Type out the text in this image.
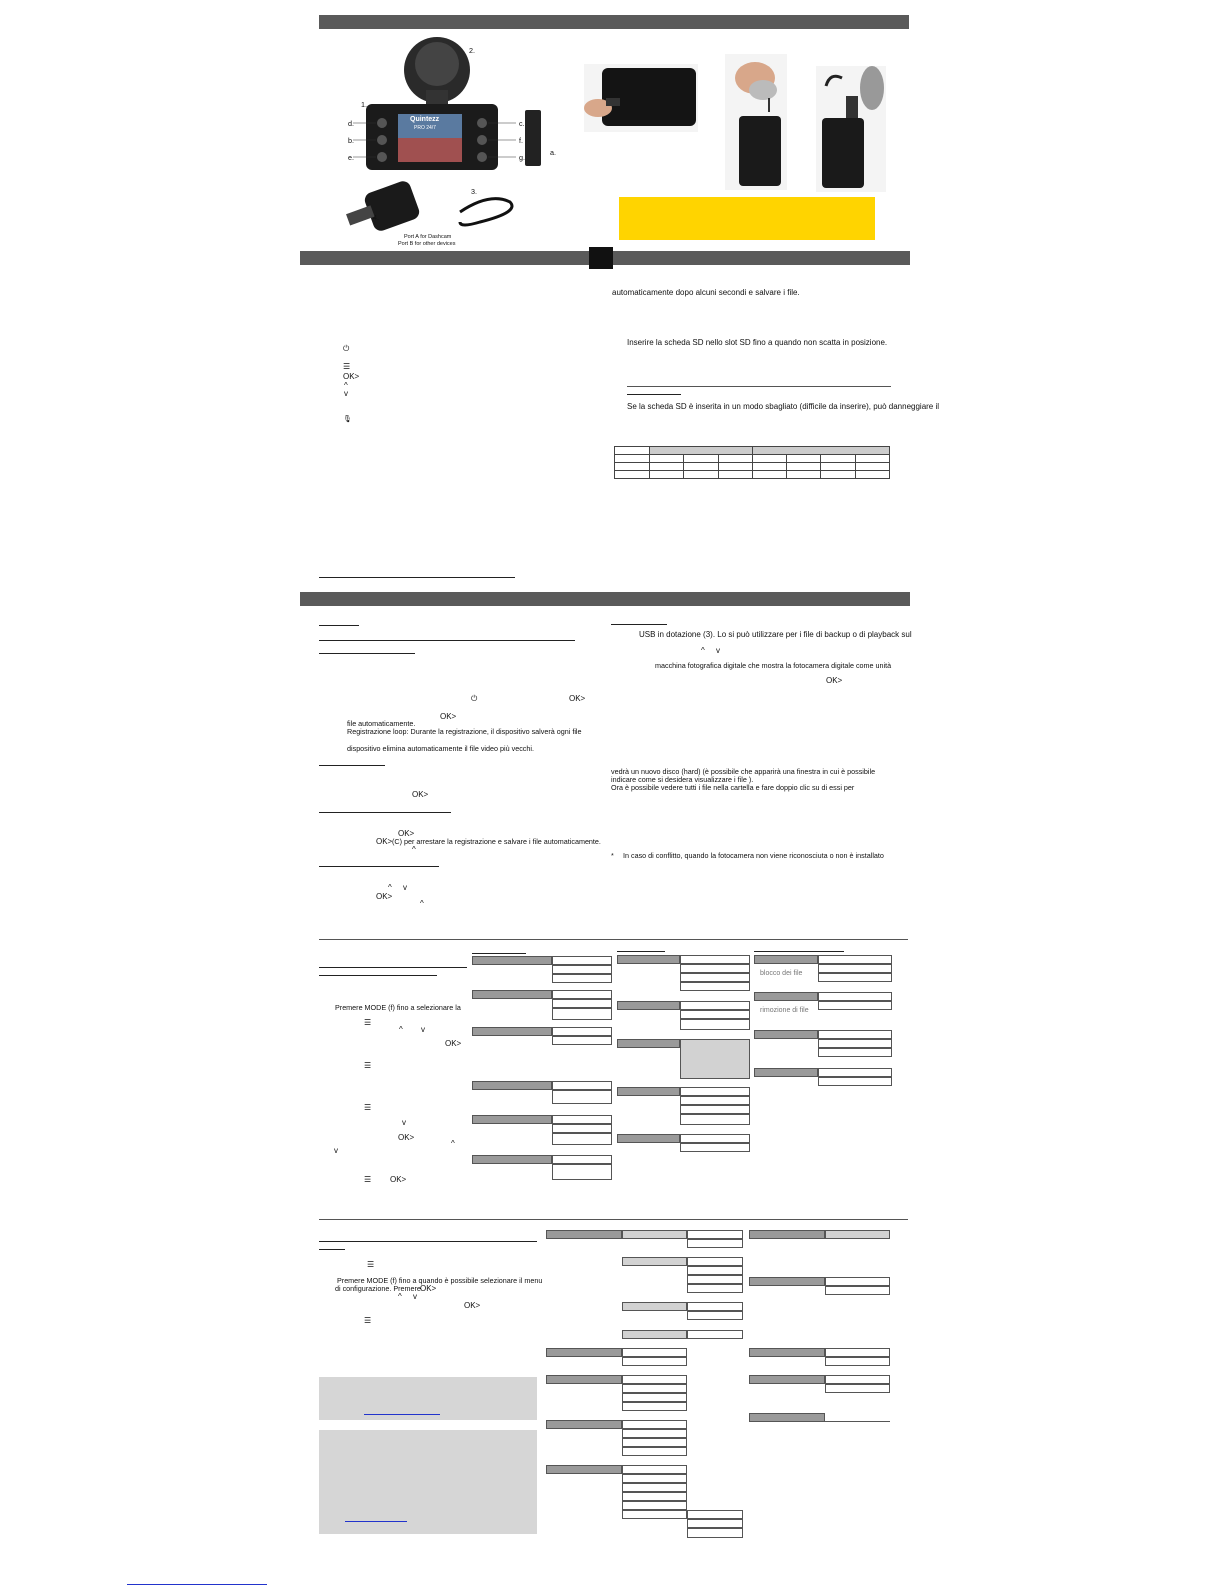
Quintezz
PRO 24/7
1.
2.
3.
4.
d.
b.
e.
c.
f.
g.
a.
Port A for Dashcam
Port B for other devices
⏻
☰
OK>
^
v
🎙
automaticamente dopo alcuni secondi e salvare i file.
Inserire la scheda SD nello slot SD fino a quando non scatta in posizione.
Se la scheda SD è inserita in un modo sbagliato (difficile da inserire), può danneggiare il

⏻	OK>
OK>
file automaticamente.
Registrazione loop: Durante la registrazione, il dispositivo salverà ogni file
dispositivo elimina automaticamente il file video più vecchi.
OK>
OK>
OK> (C) per arrestare la registrazione e salvare i file automaticamente.
^
^ v
OK>
^
USB in dotazione (3). Lo si può utilizzare per i file di backup o di playback sul
^ v
macchina fotografica digitale che mostra la fotocamera digitale come unità
OK>
vedrà un nuovo disco (hard) (è possibile che apparirà una finestra in cui è possibile
indicare come si desidera visualizzare i file ).
Ora è possibile vedere tutti i file nella cartella e fare doppio clic su di essi per
* In caso di conflitto, quando la fotocamera non viene riconosciuta o non è installato
Premere MODE (f) fino a selezionare la
☰
^ v
OK>
☰
☰
v
OK>
^
v
☰ OK>
blocco dei file
rimozione di file
☰
Premere MODE (f) fino a quando è possibile selezionare il menu
di configurazione. Premere OK>
^ v
OK>
☰
